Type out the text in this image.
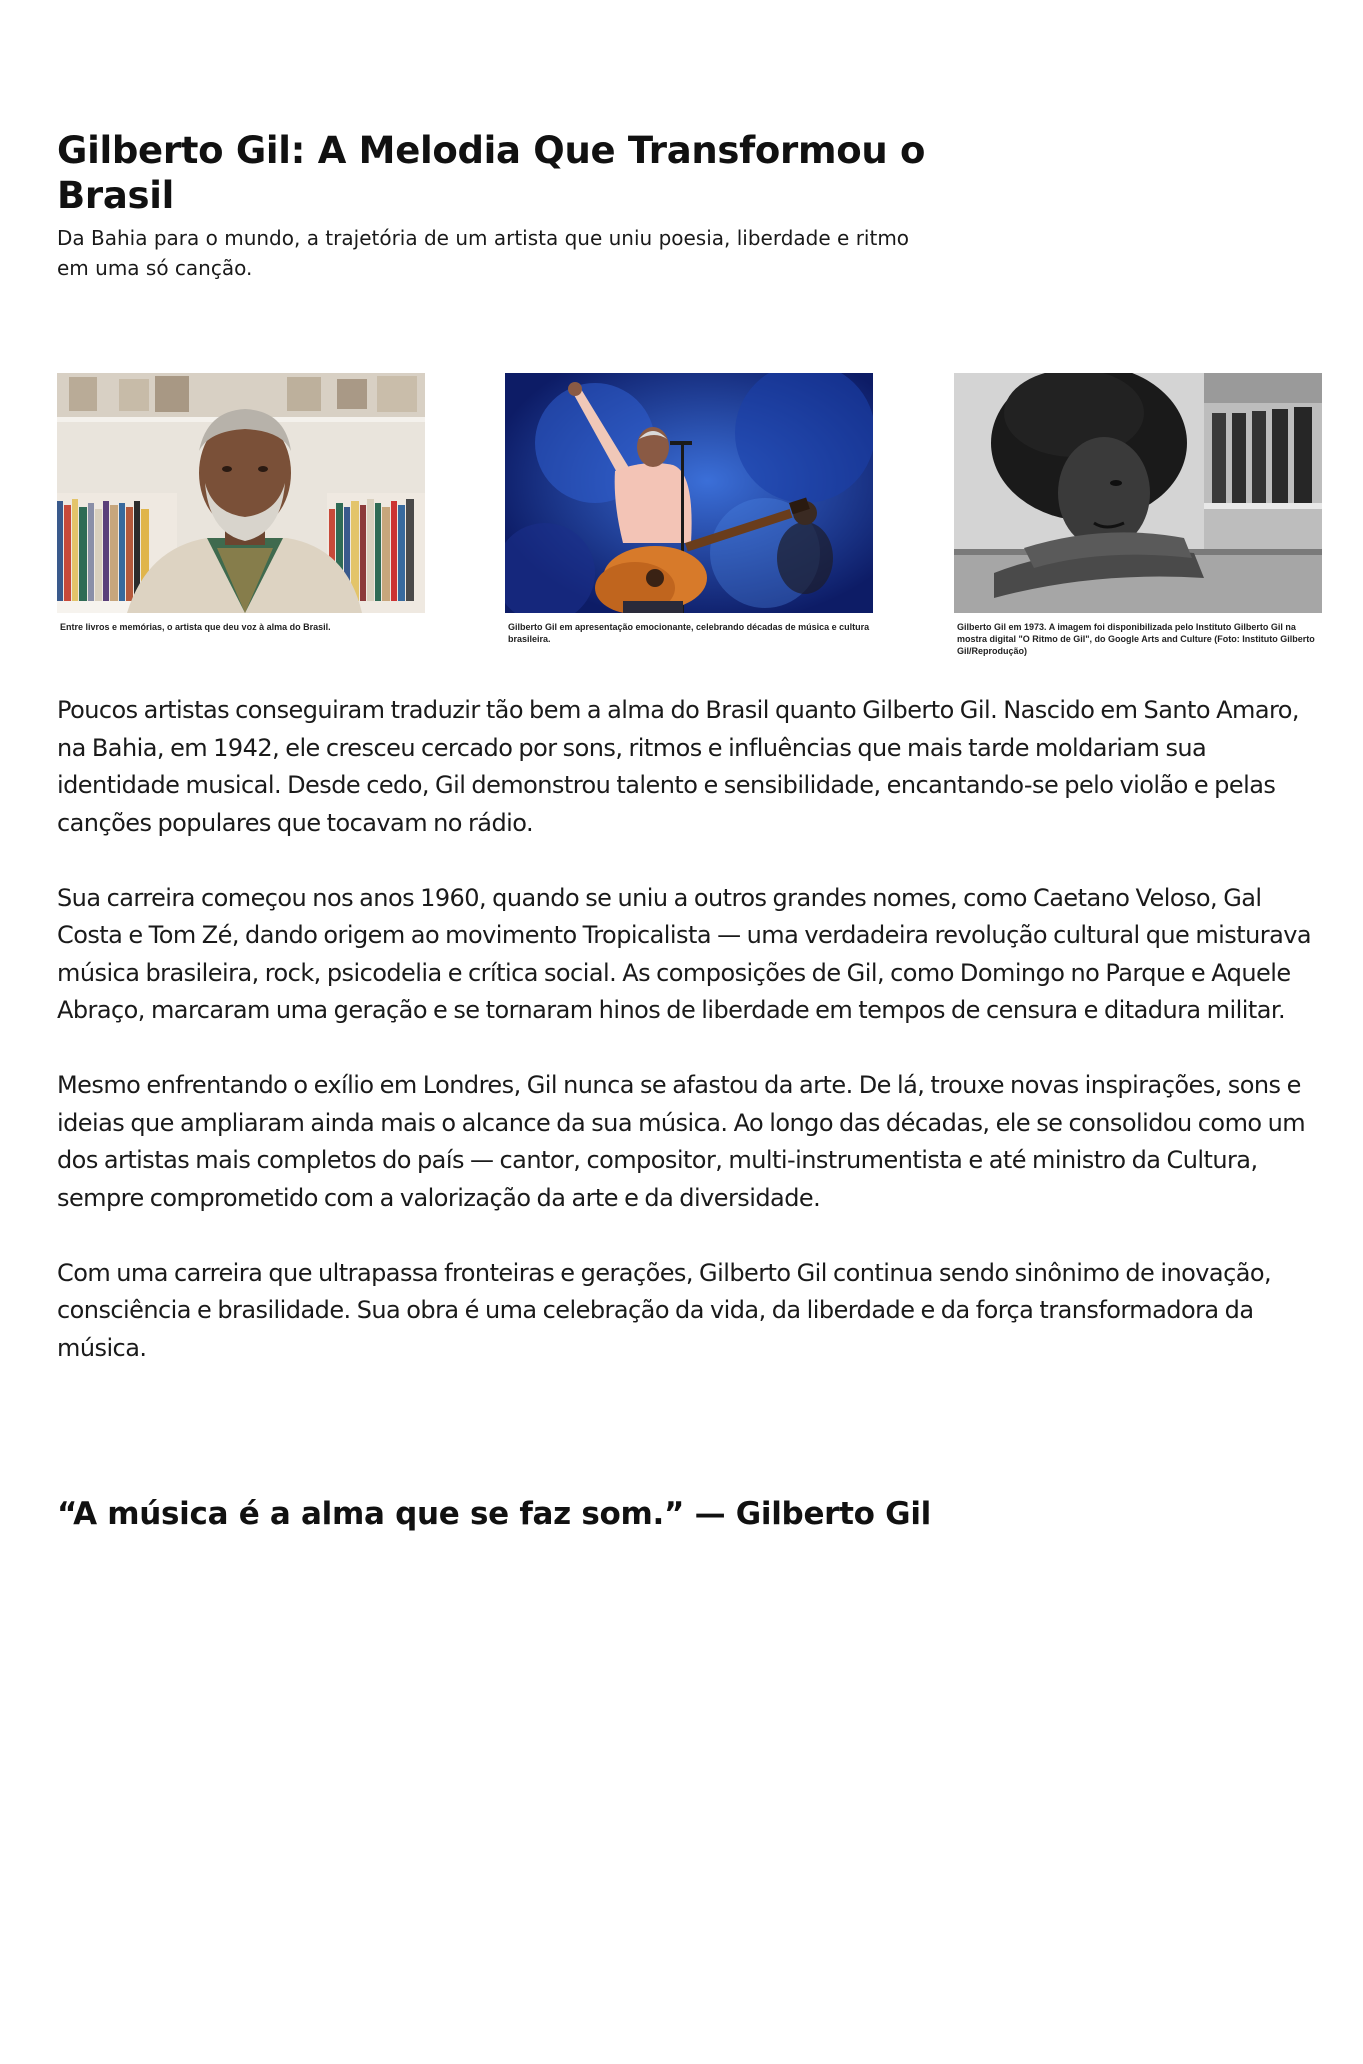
Gilberto Gil: A Melodia Que Transformou o Brasil

Da Bahia para o mundo, a trajetória de um artista que uniu poesia, liberdade e ritmo em uma só canção.

Entre livros e memórias, o artista que deu voz à alma do Brasil.	Gilberto Gil em apresentação emocionante, celebrando décadas de música e cultura brasileira.
Gilberto Gil em 1973. A imagem foi disponibilizada pelo Instituto Gilberto Gil na mostra digital "O Ritmo de Gil", do Google Arts and Culture (Foto: Instituto Gilberto Gil/Reprodução)

Poucos artistas conseguiram traduzir tão bem a alma do Brasil quanto Gilberto Gil. Nascido em Santo Amaro, na Bahia, em 1942, ele cresceu cercado por sons, ritmos e influências que mais tarde moldariam sua identidade musical. Desde cedo, Gil demonstrou talento e sensibilidade, encantando-se pelo violão e pelas canções populares que tocavam no rádio.

Sua carreira começou nos anos 1960, quando se uniu a outros grandes nomes, como Caetano Veloso, Gal Costa e Tom Zé, dando origem ao movimento Tropicalista — uma verdadeira revolução cultural que misturava música brasileira, rock, psicodelia e crítica social. As composições de Gil, como Domingo no Parque e Aquele Abraço, marcaram uma geração e se tornaram hinos de liberdade em tempos de censura e ditadura militar.

Mesmo enfrentando o exílio em Londres, Gil nunca se afastou da arte. De lá, trouxe novas inspirações, sons e ideias que ampliaram ainda mais o alcance da sua música. Ao longo das décadas, ele se consolidou como um dos artistas mais completos do país — cantor, compositor, multi-instrumentista e até ministro da Cultura, sempre comprometido com a valorização da arte e da diversidade.

Com uma carreira que ultrapassa fronteiras e gerações, Gilberto Gil continua sendo sinônimo de inovação, consciência e brasilidade. Sua obra é uma celebração da vida, da liberdade e da força transformadora da música.

“A música é a alma que se faz som.” — Gilberto Gil
